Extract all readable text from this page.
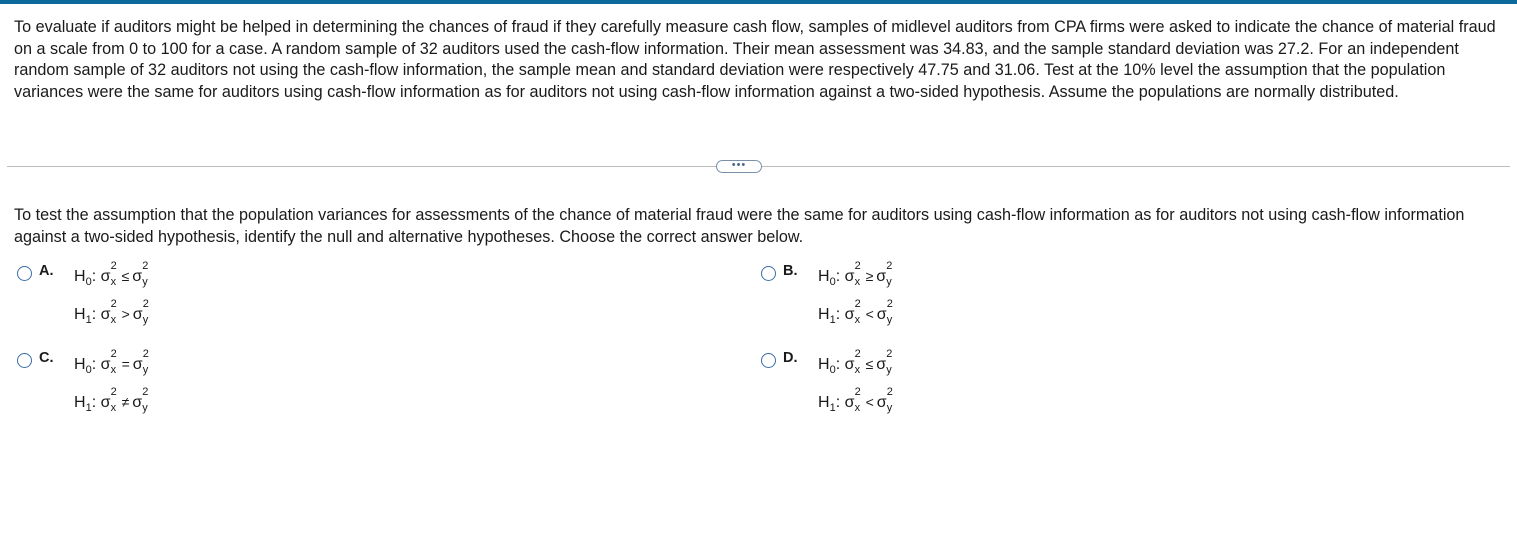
To evaluate if auditors might be helped in determining the chances of fraud if they carefully measure cash flow, samples of midlevel auditors from CPA firms were asked to indicate the chance of material fraud on a scale from 0 to 100 for a case. A random sample of 32 auditors used the cash-flow information. Their mean assessment was 34.83, and the sample standard deviation was 27.2. For an independent random sample of 32 auditors not using the cash-flow information, the sample mean and standard deviation were respectively 47.75 and 31.06. Test at the 10% level the assumption that the population variances were the same for auditors using cash-flow information as for auditors not using cash-flow information against a two-sided hypothesis. Assume the populations are normally distributed.

•••

To test the assumption that the population variances for assessments of the chance of material fraud were the same for auditors using cash-flow information as for auditors not using cash-flow information against a two-sided hypothesis, identify the null and alternative hypotheses. Choose the correct answer below.

A. $H_0$: σ
2
x ≤ σ
2
y
$H_1$: σ
2
x > σ
2
y
B. $H_0$: σ
2
x ≥ σ
2
y
$H_1$: σ
2
x < σ
2
y
C. $H_0$: σ
2
x = σ
2
y
$H_1$: σ
2
x ≠ σ
2
y
D. $H_0$: σ
2
x ≤ σ
2
y
$H_1$: σ
2
x < σ
2
y
